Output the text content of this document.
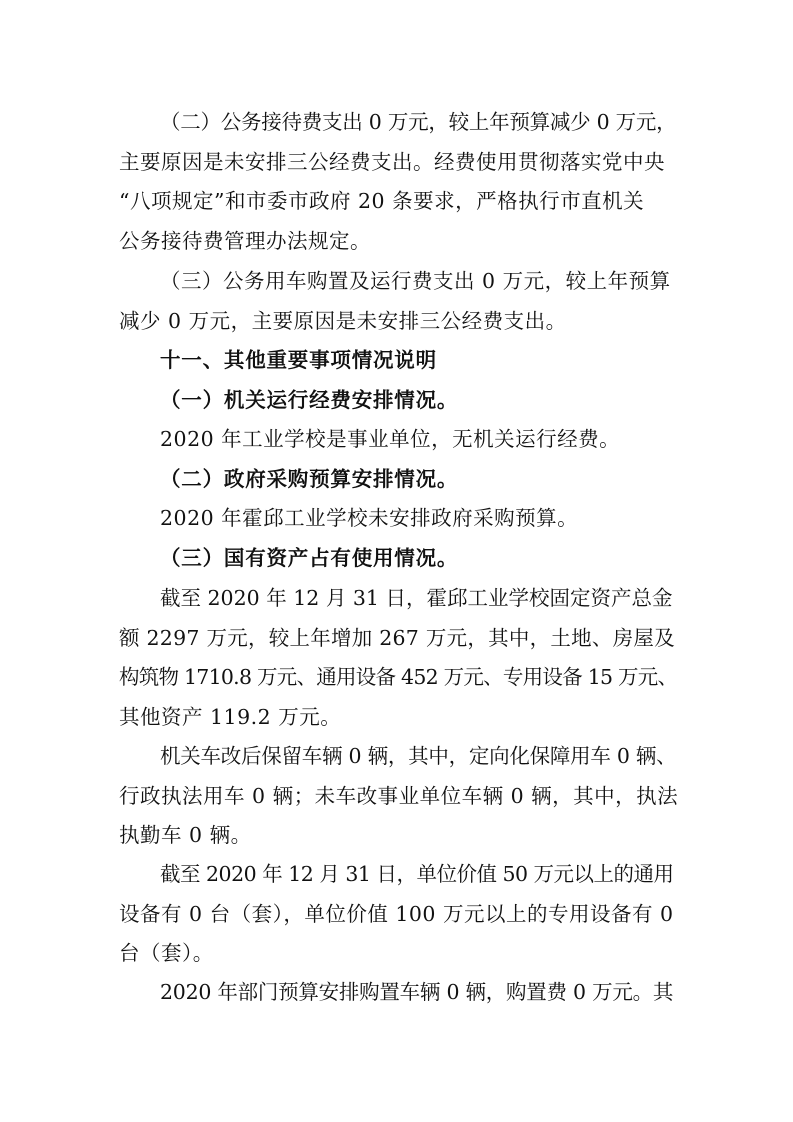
（二）公务接待费支出 0 万元，较上年预算减少 0 万元，
主要原因是未安排三公经费支出。经费使用贯彻落实党中央
“八项规定”和市委市政府 20 条要求，严格执行市直机关
公务接待费管理办法规定。
（三）公务用车购置及运行费支出 0 万元，较上年预算
减少 0 万元，主要原因是未安排三公经费支出。
十一、其他重要事项情况说明
（一）机关运行经费安排情况。
2020 年工业学校是事业单位，无机关运行经费。
（二）政府采购预算安排情况。
2020 年霍邱工业学校未安排政府采购预算。
（三）国有资产占有使用情况。
截至 2020 年 12 月 31 日，霍邱工业学校固定资产总金
额 2297 万元，较上年增加 267 万元，其中，土地、房屋及
构筑物 1710.8 万元、通用设备 452 万元、专用设备 15 万元、
其他资产 119.2 万元。
机关车改后保留车辆 0 辆，其中，定向化保障用车 0 辆、
行政执法用车 0 辆；未车改事业单位车辆 0 辆，其中，执法
执勤车 0 辆。
截至 2020 年 12 月 31 日，单位价值 50 万元以上的通用
设备有 0 台（套），单位价值 100 万元以上的专用设备有 0
台（套）。
2020 年部门预算安排购置车辆 0 辆，购置费 0 万元。其
